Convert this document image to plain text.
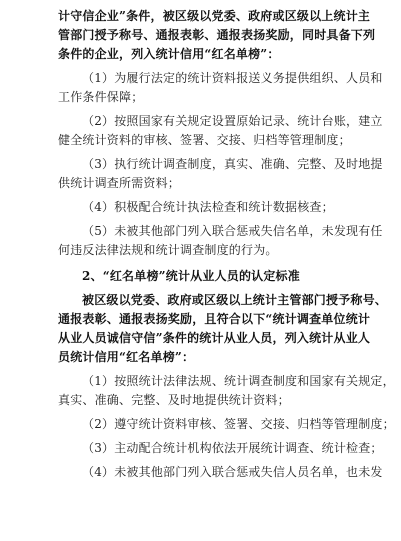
计守信企业”条件，被区级以党委、政府或区级以上统计主
管部门授予称号、通报表彰、通报表扬奖励，同时具备下列
条件的企业，列入统计信用“红名单榜”：
（1）为履行法定的统计资料报送义务提供组织、人员和
工作条件保障；
（2）按照国家有关规定设置原始记录、统计台账，建立
健全统计资料的审核、签署、交接、归档等管理制度；
（3）执行统计调查制度，真实、准确、完整、及时地提
供统计调查所需资料；
（4）积极配合统计执法检查和统计数据核查；
（5）未被其他部门列入联合惩戒失信名单，未发现有任
何违反法律法规和统计调查制度的行为。
2、“红名单榜”统计从业人员的认定标准
被区级以党委、政府或区级以上统计主管部门授予称号、
通报表彰、通报表扬奖励，且符合以下“统计调查单位统计
从业人员诚信守信”条件的统计从业人员，列入统计从业人
员统计信用“红名单榜”：
（1）按照统计法律法规、统计调查制度和国家有关规定，
真实、准确、完整、及时地提供统计资料；
（2）遵守统计资料审核、签署、交接、归档等管理制度；
（3）主动配合统计机构依法开展统计调查、统计检查；
（4）未被其他部门列入联合惩戒失信人员名单，也未发
